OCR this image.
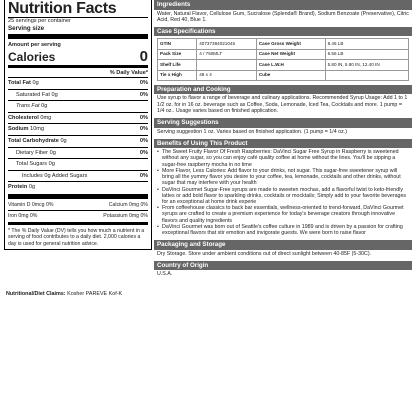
Nutrition Facts
25 servings per container
Serving size
Amount per serving
Calories	0
% Daily Value*
Total Fat 0g	0%
Saturated Fat 0g	0%
Trans Fat 0g
Cholesterol 0mg	0%
Sodium 10mg	0%
Total Carbohydrate 0g	0%
Dietary Fiber 0g	0%
Total Sugars 0g
Includes 0g Added Sugars	0%
Protein 0g
Vitamin D 0mcg 0%	Calcium 0mg 0%
Iron 0mg 0%	Potassium 0mg 0%
* The % Daily Value (DV) tells you how much a nutrient in a serving of food contributes to a daily diet. 2,000 calories a day is used for general nutrition advice.
Nutritional/Diet Claims: Kosher PAREVE Kof-K
Ingredients
Water, Natural Flavor, Cellulose Gum, Sucralose (Splenda® Brand), Sodium Benzoate (Preservative), Citric Acid, Red 40, Blue 1.
Case Specifications
GTIN	40737384021045	Case Gross Weight	8.46 LB
Pack Size	4 / 750MLT	Case Net Weight	6.56 LB
Shelf Life		Case L.W.H	5.80 IN, 5.80 IN, 12.40 IN
Tie x High	48 x 4	Cube	
Preparation and Cooking
Use syrup to flavor a range of beverage and culinary applications. Recommended Syrup Usage: Add 1 to 1 1/2 oz. for in 16 oz. beverage such as Coffee, Soda, Lemonade, Iced Tea, Cocktails and more. 1 pump = 1/4 oz.. Usage varies based on finished application.
Serving Suggestions
Serving suggestion 1 oz. Varies based on finished application. (1 pump = 1/4 oz.)
Benefits of Using This Product
• The Sweet Fruity Flavor Of Fresh Raspberries: DaVinci Sugar Free Syrup in Raspberry is sweetened without any sugar, so you can enjoy café quality coffee at home without the lines. You'll be sipping a sugar-free raspberry mocha in no time
• More Flavor, Less Calories: Add flavor to your drinks, not sugar. This sugar-free sweetener syrup will bring all the yummy flavor you desire to your coffee, tea, lemonade, cocktails and other drinks, without sugar that may interfere with your health
• DaVinci Gourmet Sugar-Free syrups are made to sweeten mochas, add a flavorful twist to keto-friendly lattes or add bold flavor to sparkling drinks, cocktails or mocktails; Simply add to your favorite beverages for an exceptional at home drink experie
• From coffeehouse classics to back bar essentials, wellness-oriented to trend-forward, DaVinci Gourmet syrups are crafted to create a premium experience for today's beverage creators through innovative flavors and quality ingredients
• DaVinci Gourmet was born out of Seattle's coffee culture in 1989 and is driven by a passion for crafting exceptional flavors that stir emotion and invigorate guests. We were born to raise flavor
Packaging and Storage
Dry Storage. Store under ambient conditions out of direct sunlight between 40-85F (5-30C).
Country of Origin
U.S.A.
